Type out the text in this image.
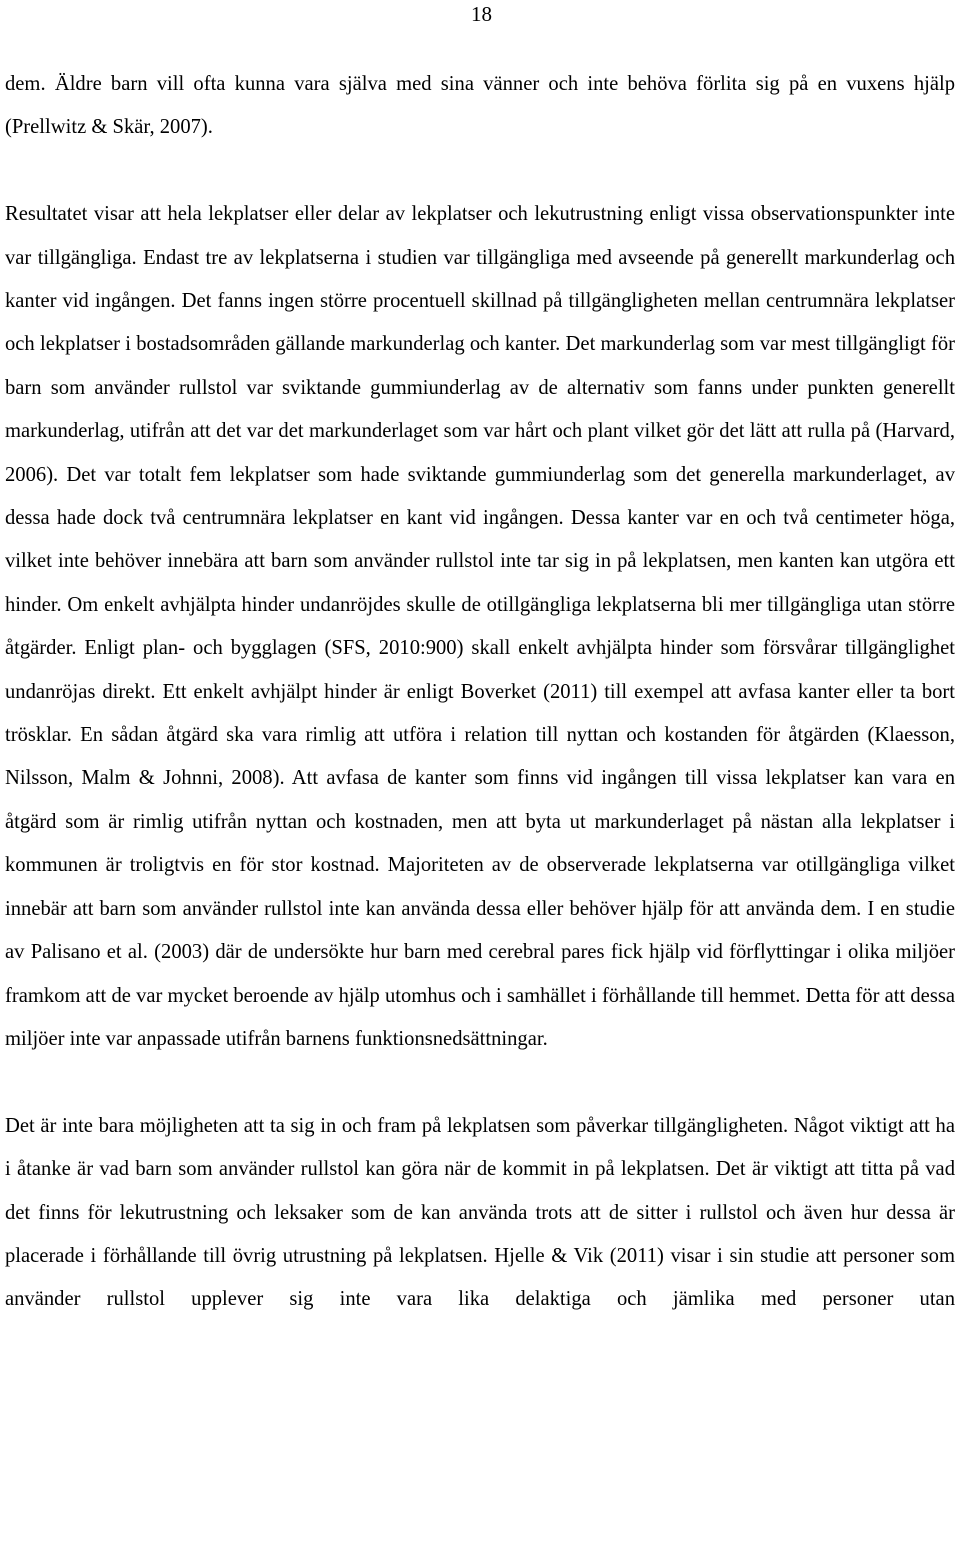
18

dem. Äldre barn vill ofta kunna vara själva med sina vänner och inte behöva förlita sig på en vuxens hjälp (Prellwitz & Skär, 2007).

Resultatet visar att hela lekplatser eller delar av lekplatser och lekutrustning enligt vissa observationspunkter inte var tillgängliga. Endast tre av lekplatserna i studien var tillgängliga med avseende på generellt markunderlag och kanter vid ingången. Det fanns ingen större procentuell skillnad på tillgängligheten mellan centrumnära lekplatser och lekplatser i bostadsområden gällande markunderlag och kanter. Det markunderlag som var mest tillgängligt för barn som använder rullstol var sviktande gummiunderlag av de alternativ som fanns under punkten generellt markunderlag, utifrån att det var det markunderlaget som var hårt och plant vilket gör det lätt att rulla på (Harvard, 2006). Det var totalt fem lekplatser som hade sviktande gummiunderlag som det generella markunderlaget, av dessa hade dock två centrumnära lekplatser en kant vid ingången. Dessa kanter var en och två centimeter höga, vilket inte behöver innebära att barn som använder rullstol inte tar sig in på lekplatsen, men kanten kan utgöra ett hinder. Om enkelt avhjälpta hinder undanröjdes skulle de otillgängliga lekplatserna bli mer tillgängliga utan större åtgärder. Enligt plan- och bygglagen (SFS, 2010:900) skall enkelt avhjälpta hinder som försvårar tillgänglighet undanröjas direkt. Ett enkelt avhjälpt hinder är enligt Boverket (2011) till exempel att avfasa kanter eller ta bort trösklar. En sådan åtgärd ska vara rimlig att utföra i relation till nyttan och kostanden för åtgärden (Klaesson, Nilsson, Malm & Johnni, 2008). Att avfasa de kanter som finns vid ingången till vissa lekplatser kan vara en åtgärd som är rimlig utifrån nyttan och kostnaden, men att byta ut markunderlaget på nästan alla lekplatser i kommunen är troligtvis en för stor kostnad. Majoriteten av de observerade lekplatserna var otillgängliga vilket innebär att barn som använder rullstol inte kan använda dessa eller behöver hjälp för att använda dem. I en studie av Palisano et al. (2003) där de undersökte hur barn med cerebral pares fick hjälp vid förflyttingar i olika miljöer framkom att de var mycket beroende av hjälp utomhus och i samhället i förhållande till hemmet. Detta för att dessa miljöer inte var anpassade utifrån barnens funktionsnedsättningar.

Det är inte bara möjligheten att ta sig in och fram på lekplatsen som påverkar tillgängligheten. Något viktigt att ha i åtanke är vad barn som använder rullstol kan göra när de kommit in på lekplatsen. Det är viktigt att titta på vad det finns för lekutrustning och leksaker som de kan använda trots att de sitter i rullstol och även hur dessa är placerade i förhållande till övrig utrustning på lekplatsen. Hjelle & Vik (2011) visar i sin studie att personer som använder rullstol upplever sig inte vara lika delaktiga och jämlika med personer utan
